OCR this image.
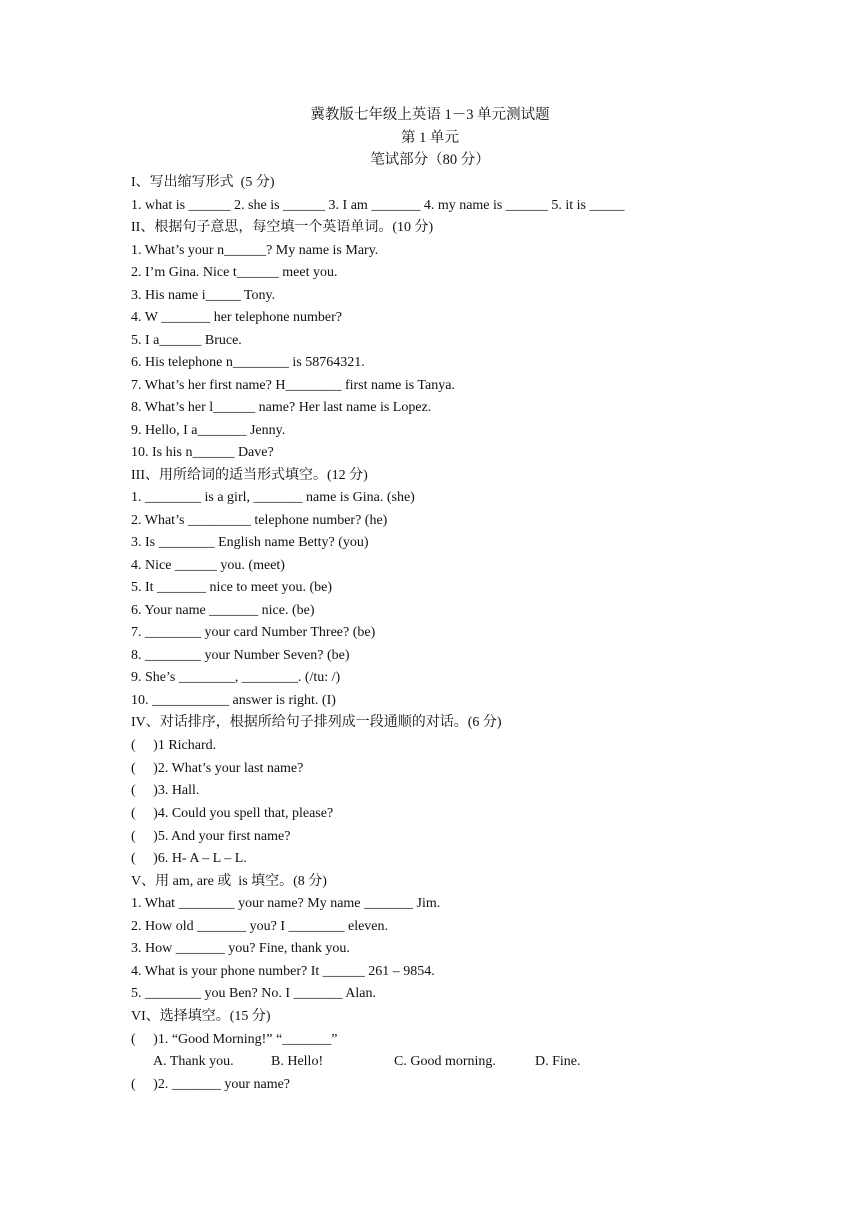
冀教版七年级上英语 1－3 单元测试题
第 1 单元
笔试部分（80 分）
I、写出缩写形式  (5 分)
1. what is ______ 2. she is ______ 3. I am _______ 4. my name is ______ 5. it is _____
II、根据句子意思，每空填一个英语单词。(10 分)
1. What’s your n______? My name is Mary.
2. I’m Gina. Nice t______ meet you.
3. His name i_____ Tony.
4. W _______ her telephone number?
5. I a______ Bruce.
6. His telephone n________ is 58764321.
7. What’s her first name? H________ first name is Tanya.
8. What’s her l______ name? Her last name is Lopez.
9. Hello, I a_______ Jenny.
10. Is his n______ Dave?
III、用所给词的适当形式填空。(12 分)
1. ________ is a girl, _______ name is Gina. (she)
2. What’s _________ telephone number? (he)
3. Is ________ English name Betty? (you)
4. Nice ______ you. (meet)
5. It _______ nice to meet you. (be)
6. Your name _______ nice. (be)
7. ________ your card Number Three? (be)
8. ________ your Number Seven? (be)
9. She’s ________, ________. (/tu: /)
10. ___________ answer is right. (I)
IV、对话排序，根据所给句子排列成一段通顺的对话。(6 分)
(     )1 Richard.
(     )2. What’s your last name?
(     )3. Hall.
(     )4. Could you spell that, please?
(     )5. And your first name?
(     )6. H- A – L – L.
V、用 am, are 或  is 填空。(8 分)
1. What ________ your name? My name _______ Jim.
2. How old _______ you? I ________ eleven.
3. How _______ you? Fine, thank you.
4. What is your phone number? It ______ 261 – 9854.
5. ________ you Ben? No. I _______ Alan.
VI、选择填空。(15 分)
(     )1. “Good Morning!” “_______”
A. Thank you.	B. Hello!	C. Good morning.	D. Fine.
(     )2. _______ your name?
